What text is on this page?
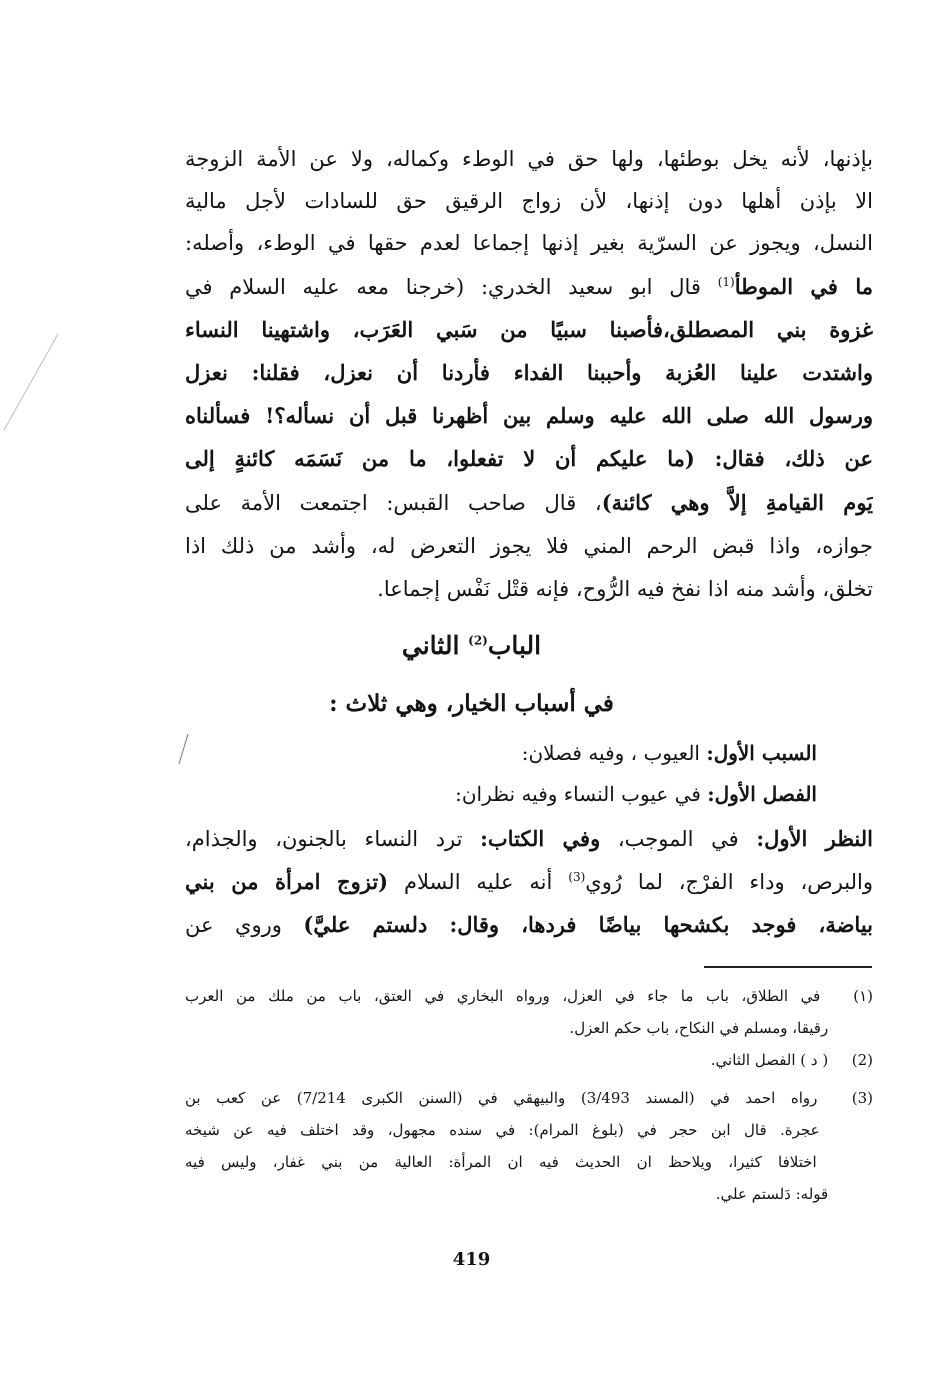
بإذنها، لأنه يخل بوطئها، ولها حق في الوطء وكماله، ولا عن الأمة الزوجة
الا بإذن أهلها دون إذنها، لأن زواج الرقيق حق للسادات لأجل مالية
النسل، ويجوز عن السرّية بغير إذنها إجماعا لعدم حقها في الوطء، وأصله:
ما في الموطأ$^{(1)}$ قال ابو سعيد الخدري: (خرجنا معه عليه السلام في
غزوة بني المصطلق،فأصبنا سبيًا من سَبي العَرَب، واشتهينا النساء
واشتدت علينا العُزبة وأحببنا الفداء فأردنا أن نعزل، فقلنا: نعزل
ورسول الله صلى الله عليه وسلم بين أظهرنا قبل أن نسأله؟! فسألناه
عن ذلك، فقال: (ما عليكم أن لا تفعلوا، ما من نَسَمَه كائنةٍ إلى
يَوم القيامةِ إلاَّ وهي كائنة)، قال صاحب القبس: اجتمعت الأمة على
جوازه، واذا قبض الرحم المني فلا يجوز التعرض له، وأشد من ذلك اذا
تخلق، وأشد منه اذا نفخ فيه الرُّوح، فإنه قتْل نَفْس إجماعا.
الباب$^{(2)}$ الثاني
في أسباب الخيار، وهي ثلاث :
السبب الأول: العيوب ، وفيه فصلان:
الفصل الأول: في عيوب النساء وفيه نظران:
النظر الأول: في الموجب، وفي الكتاب: ترد النساء بالجنون، والجذام،
والبرص، وداء الفرْج، لما رُوي$^{(3)}$ أنه عليه السلام (تزوج امرأة من بني
بياضة، فوجد بكشحها بياضًا فردها، وقال: دلستم عليَّ) وروي عن
(١) في الطلاق، باب ما جاء في العزل، ورواه البخاري في العتق، باب من ملك من العرب
رقيقا، ومسلم في النكاح، باب حكم العزل.
(2) ( د ) الفصل الثاني.
(3) رواه احمد في (المسند 3/493) والبيهقي في (السنن الكبرى 7/214) عن كعب بن
عجرة. قال ابن حجر في (بلوغ المرام): في سنده مجهول، وقد اختلف فيه عن شيخه
اختلافا كثيرا، ويلاحظ ان الحديث فيه ان المرأة: العالية من بني غفار، وليس فيه
قوله: دَلستم علي.
419
